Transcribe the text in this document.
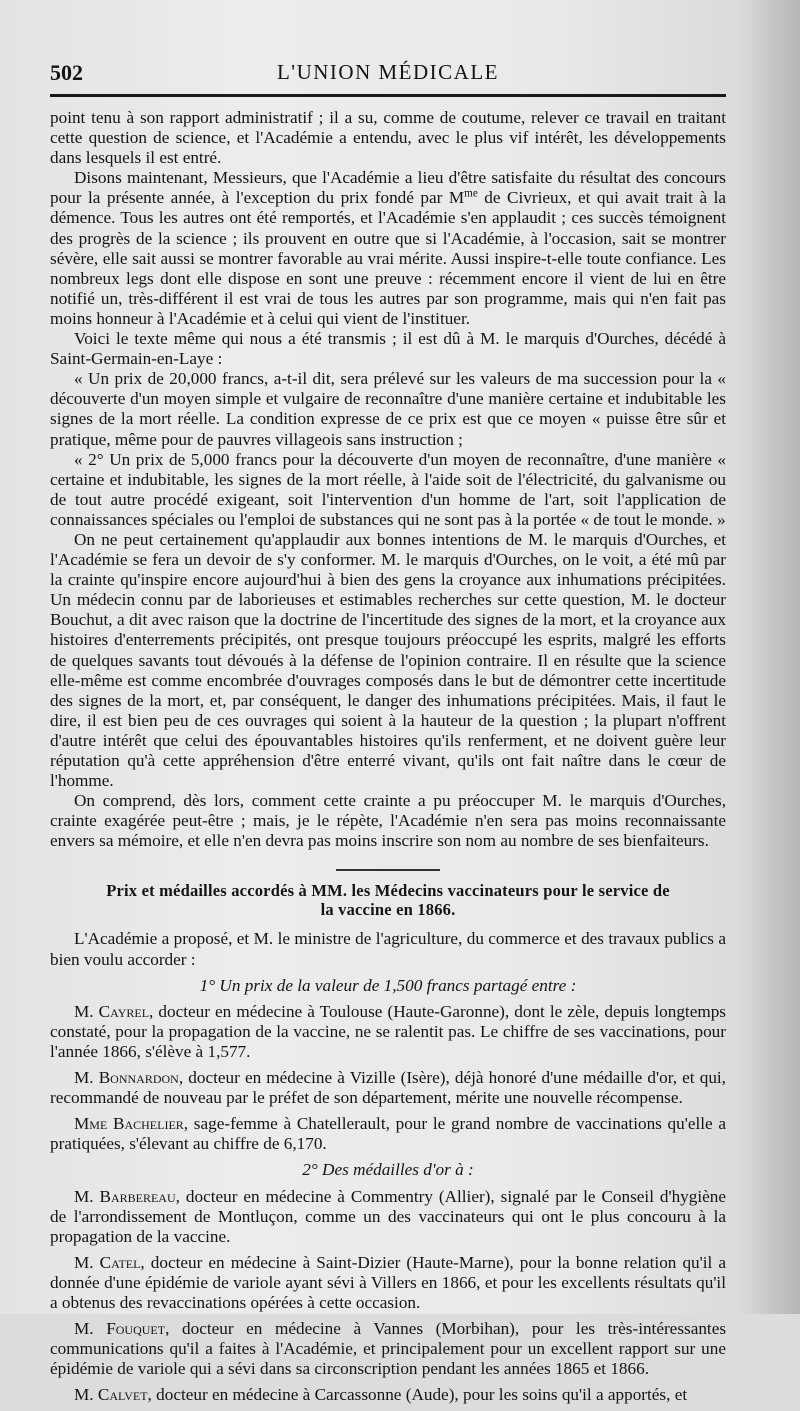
502	L'UNION MÉDICALE

point tenu à son rapport administratif ; il a su, comme de coutume, relever ce travail en traitant cette question de science, et l'Académie a entendu, avec le plus vif intérêt, les développements dans lesquels il est entré.

Disons maintenant, Messieurs, que l'Académie a lieu d'être satisfaite du résultat des concours pour la présente année, à l'exception du prix fondé par $M^{me}$ de Civrieux, et qui avait trait à la démence. Tous les autres ont été remportés, et l'Académie s'en applaudit ; ces succès témoignent des progrès de la science ; ils prouvent en outre que si l'Académie, à l'occasion, sait se montrer sévère, elle sait aussi se montrer favorable au vrai mérite. Aussi inspire-t-elle toute confiance. Les nombreux legs dont elle dispose en sont une preuve : récemment encore il vient de lui en être notifié un, très-différent il est vrai de tous les autres par son programme, mais qui n'en fait pas moins honneur à l'Académie et à celui qui vient de l'instituer.

Voici le texte même qui nous a été transmis ; il est dû à M. le marquis d'Ourches, décédé à Saint-Germain-en-Laye :

« Un prix de 20,000 francs, a-t-il dit, sera prélevé sur les valeurs de ma succession pour la « découverte d'un moyen simple et vulgaire de reconnaître d'une manière certaine et indubitable les signes de la mort réelle. La condition expresse de ce prix est que ce moyen « puisse être sûr et pratique, même pour de pauvres villageois sans instruction ;

« 2° Un prix de 5,000 francs pour la découverte d'un moyen de reconnaître, d'une manière « certaine et indubitable, les signes de la mort réelle, à l'aide soit de l'électricité, du galvanisme ou de tout autre procédé exigeant, soit l'intervention d'un homme de l'art, soit l'application de connaissances spéciales ou l'emploi de substances qui ne sont pas à la portée « de tout le monde. »

On ne peut certainement qu'applaudir aux bonnes intentions de M. le marquis d'Ourches, et l'Académie se fera un devoir de s'y conformer. M. le marquis d'Ourches, on le voit, a été mû par la crainte qu'inspire encore aujourd'hui à bien des gens la croyance aux inhumations précipitées. Un médecin connu par de laborieuses et estimables recherches sur cette question, M. le docteur Bouchut, a dit avec raison que la doctrine de l'incertitude des signes de la mort, et la croyance aux histoires d'enterrements précipités, ont presque toujours préoccupé les esprits, malgré les efforts de quelques savants tout dévoués à la défense de l'opinion contraire. Il en résulte que la science elle-même est comme encombrée d'ouvrages composés dans le but de démontrer cette incertitude des signes de la mort, et, par conséquent, le danger des inhumations précipitées. Mais, il faut le dire, il est bien peu de ces ouvrages qui soient à la hauteur de la question ; la plupart n'offrent d'autre intérêt que celui des épouvantables histoires qu'ils renferment, et ne doivent guère leur réputation qu'à cette appréhension d'être enterré vivant, qu'ils ont fait naître dans le cœur de l'homme.

On comprend, dès lors, comment cette crainte a pu préoccuper M. le marquis d'Ourches, crainte exagérée peut-être ; mais, je le répète, l'Académie n'en sera pas moins reconnaissante envers sa mémoire, et elle n'en devra pas moins inscrire son nom au nombre de ses bienfaiteurs.

Prix et médailles accordés à MM. les Médecins vaccinateurs pour le service de
la vaccine en 1866.

L'Académie a proposé, et M. le ministre de l'agriculture, du commerce et des travaux publics a bien voulu accorder :

1° Un prix de la valeur de 1,500 francs partagé entre :

M. Cayrel, docteur en médecine à Toulouse (Haute-Garonne), dont le zèle, depuis longtemps constaté, pour la propagation de la vaccine, ne se ralentit pas. Le chiffre de ses vaccinations, pour l'année 1866, s'élève à 1,577.

M. Bonnardon, docteur en médecine à Vizille (Isère), déjà honoré d'une médaille d'or, et qui, recommandé de nouveau par le préfet de son département, mérite une nouvelle récompense.

Mme Bachelier, sage-femme à Chatellerault, pour le grand nombre de vaccinations qu'elle a pratiquées, s'élevant au chiffre de 6,170.

2° Des médailles d'or à :

M. Barbereau, docteur en médecine à Commentry (Allier), signalé par le Conseil d'hygiène de l'arrondissement de Montluçon, comme un des vaccinateurs qui ont le plus concouru à la propagation de la vaccine.

M. Catel, docteur en médecine à Saint-Dizier (Haute-Marne), pour la bonne relation qu'il a donnée d'une épidémie de variole ayant sévi à Villers en 1866, et pour les excellents résultats qu'il a obtenus des revaccinations opérées à cette occasion.

M. Fouquet, docteur en médecine à Vannes (Morbihan), pour les très-intéressantes communications qu'il a faites à l'Académie, et principalement pour un excellent rapport sur une épidémie de variole qui a sévi dans sa circonscription pendant les années 1865 et 1866.

M. Calvet, docteur en médecine à Carcassonne (Aude), pour les soins qu'il a apportés, et
